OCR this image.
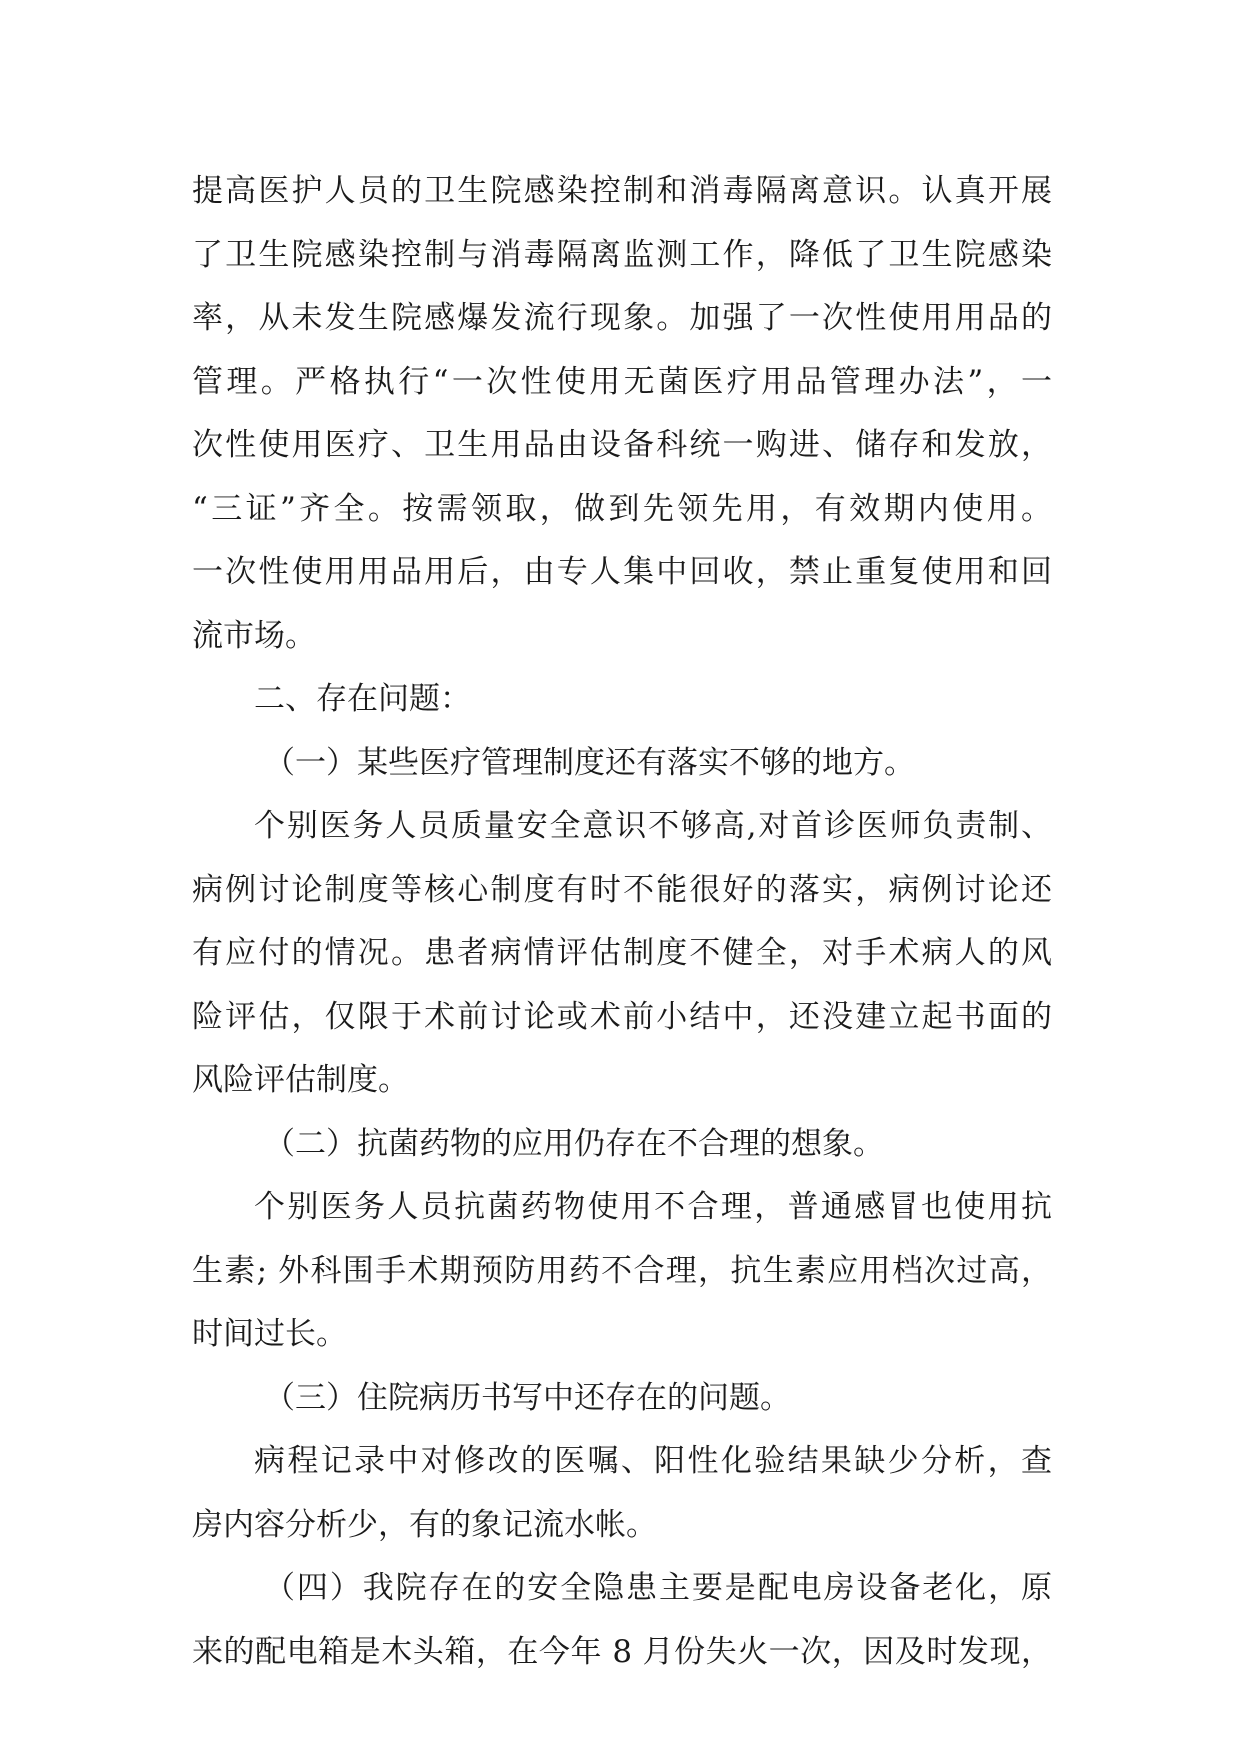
提高医护人员的卫生院感染控制和消毒隔离意识。认真开展
了卫生院感染控制与消毒隔离监测工作，降低了卫生院感染
率，从未发生院感爆发流行现象。加强了一次性使用用品的
管理。严格执行“一次性使用无菌医疗用品管理办法”，一
次性使用医疗、卫生用品由设备科统一购进、储存和发放，
“三证”齐全。按需领取，做到先领先用，有效期内使用。
一次性使用用品用后，由专人集中回收，禁止重复使用和回
流市场。
二、存在问题：
（一）某些医疗管理制度还有落实不够的地方。
个别医务人员质量安全意识不够高,对首诊医师负责制、
病例讨论制度等核心制度有时不能很好的落实，病例讨论还
有应付的情况。患者病情评估制度不健全，对手术病人的风
险评估，仅限于术前讨论或术前小结中，还没建立起书面的
风险评估制度。
（二）抗菌药物的应用仍存在不合理的想象。
个别医务人员抗菌药物使用不合理，普通感冒也使用抗
生素; 外科围手术期预防用药不合理，抗生素应用档次过高，
时间过长。
（三）住院病历书写中还存在的问题。
病程记录中对修改的医嘱、阳性化验结果缺少分析，查
房内容分析少，有的象记流水帐。
（四）我院存在的安全隐患主要是配电房设备老化，原
来的配电箱是木头箱，在今年 8 月份失火一次，因及时发现，
